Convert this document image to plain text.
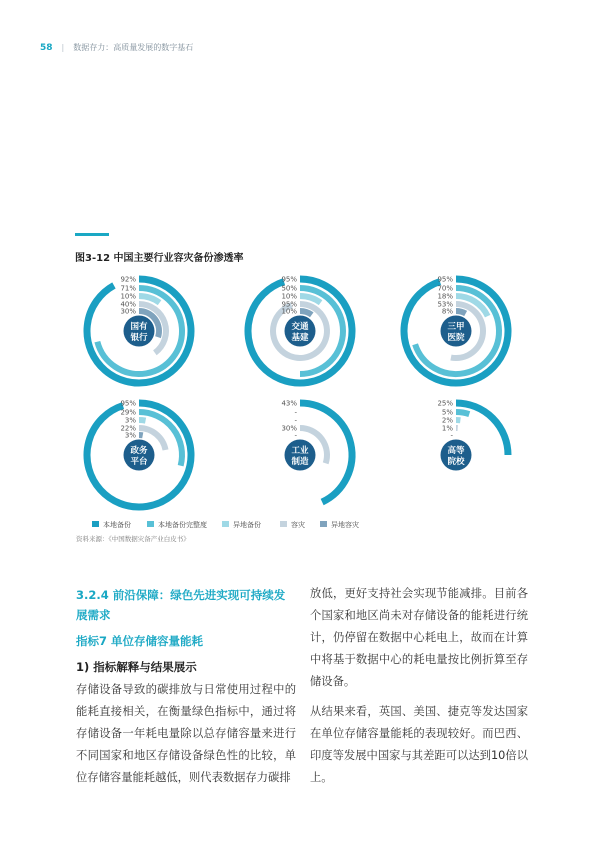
58 | 数据存力：高质量发展的数字基石
图3-12 中国主要行业容灾备份渗透率
92%
71%
10%
40%
30%
国有
银行
95%
50%
10%
95%
10%
交通
基建
95%
70%
18%
53%
8%
三甲
医院
95%
29%
3%
22%
3%
政务
平台
43%
-
-
30%
-
工业
制造
25%
5%
2%
1%
-
高等
院校
本地备份	本地备份完整度	异地备份	容灾	异地容灾
资料来源：《中国数据灾备产业白皮书》
3.2.4 前沿保障：绿色先进实现可持续发展需求
指标7 单位存储容量能耗
1) 指标解释与结果展示
存储设备导致的碳排放与日常使用过程中的能耗直接相关，在衡量绿色指标中，通过将存储设备一年耗电量除以总存储容量来进行不同国家和地区存储设备绿色性的比较，单位存储容量能耗越低，则代表数据存力碳排
放低，更好支持社会实现节能减排。目前各个国家和地区尚未对存储设备的能耗进行统计，仍停留在数据中心耗电上，故而在计算中将基于数据中心的耗电量按比例折算至存储设备。
从结果来看，英国、美国、捷克等发达国家在单位存储容量能耗的表现较好。而巴西、印度等发展中国家与其差距可以达到10倍以上。
